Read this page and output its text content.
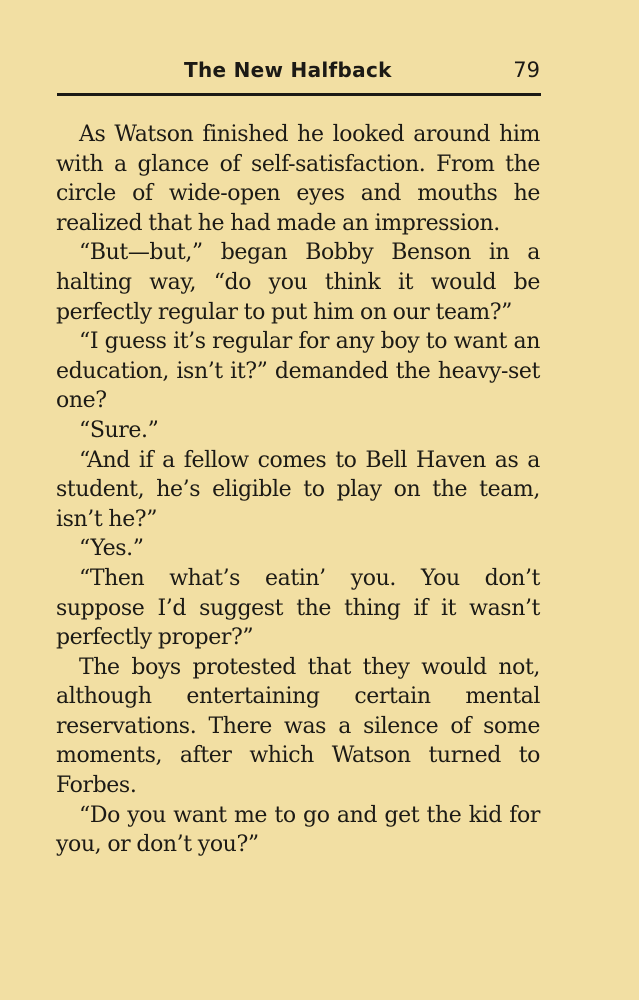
The New Halfback	79

As Watson finished he looked around him with a glance of self-satisfaction. From the circle of wide-open eyes and mouths he realized that he had made an impression.

“But—but,” began Bobby Benson in a halting way, “do you think it would be perfectly regular to put him on our team?”

“I guess it’s regular for any boy to want an education, isn’t it?” demanded the heavy-set one?

“Sure.”

“And if a fellow comes to Bell Haven as a student, he’s eligible to play on the team, isn’t he?”

“Yes.”

“Then what’s eatin’ you. You don’t suppose I’d suggest the thing if it wasn’t perfectly proper?”

The boys protested that they would not, although entertaining certain mental reservations. There was a silence of some moments, after which Watson turned to Forbes.

“Do you want me to go and get the kid for you, or don’t you?”
